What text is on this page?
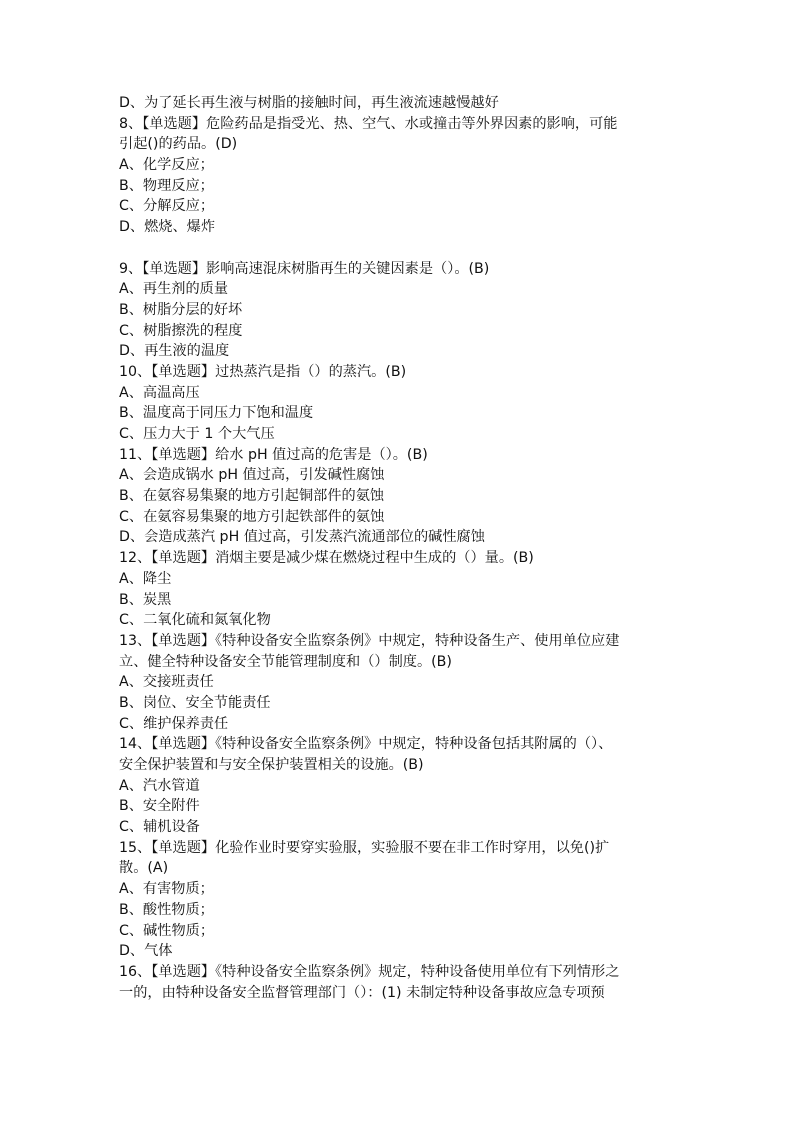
D、为了延长再生液与树脂的接触时间，再生液流速越慢越好
8、【单选题】危险药品是指受光、热、空气、水或撞击等外界因素的影响，可能
引起()的药品。(D)
A、化学反应；
B、物理反应；
C、分解反应；
D、燃烧、爆炸
9、【单选题】影响高速混床树脂再生的关键因素是（）。(B)
A、再生剂的质量
B、树脂分层的好坏
C、树脂擦洗的程度
D、再生液的温度
10、【单选题】过热蒸汽是指（）的蒸汽。(B)
A、高温高压
B、温度高于同压力下饱和温度
C、压力大于 1 个大气压
11、【单选题】给水 pH 值过高的危害是（）。(B)
A、会造成锅水 pH 值过高，引发碱性腐蚀
B、在氨容易集聚的地方引起铜部件的氨蚀
C、在氨容易集聚的地方引起铁部件的氨蚀
D、会造成蒸汽 pH 值过高，引发蒸汽流通部位的碱性腐蚀
12、【单选题】消烟主要是减少煤在燃烧过程中生成的（）量。(B)
A、降尘
B、炭黑
C、二氧化硫和氮氧化物
13、【单选题】《特种设备安全监察条例》中规定，特种设备生产、使用单位应建
立、健全特种设备安全节能管理制度和（）制度。(B)
A、交接班责任
B、岗位、安全节能责任
C、维护保养责任
14、【单选题】《特种设备安全监察条例》中规定，特种设备包括其附属的（）、
安全保护装置和与安全保护装置相关的设施。(B)
A、汽水管道
B、安全附件
C、辅机设备
15、【单选题】化验作业时要穿实验服，实验服不要在非工作时穿用，以免()扩
散。(A)
A、有害物质；
B、酸性物质；
C、碱性物质；
D、气体
16、【单选题】《特种设备安全监察条例》规定，特种设备使用单位有下列情形之
一的，由特种设备安全监督管理部门（）：(1) 未制定特种设备事故应急专项预
